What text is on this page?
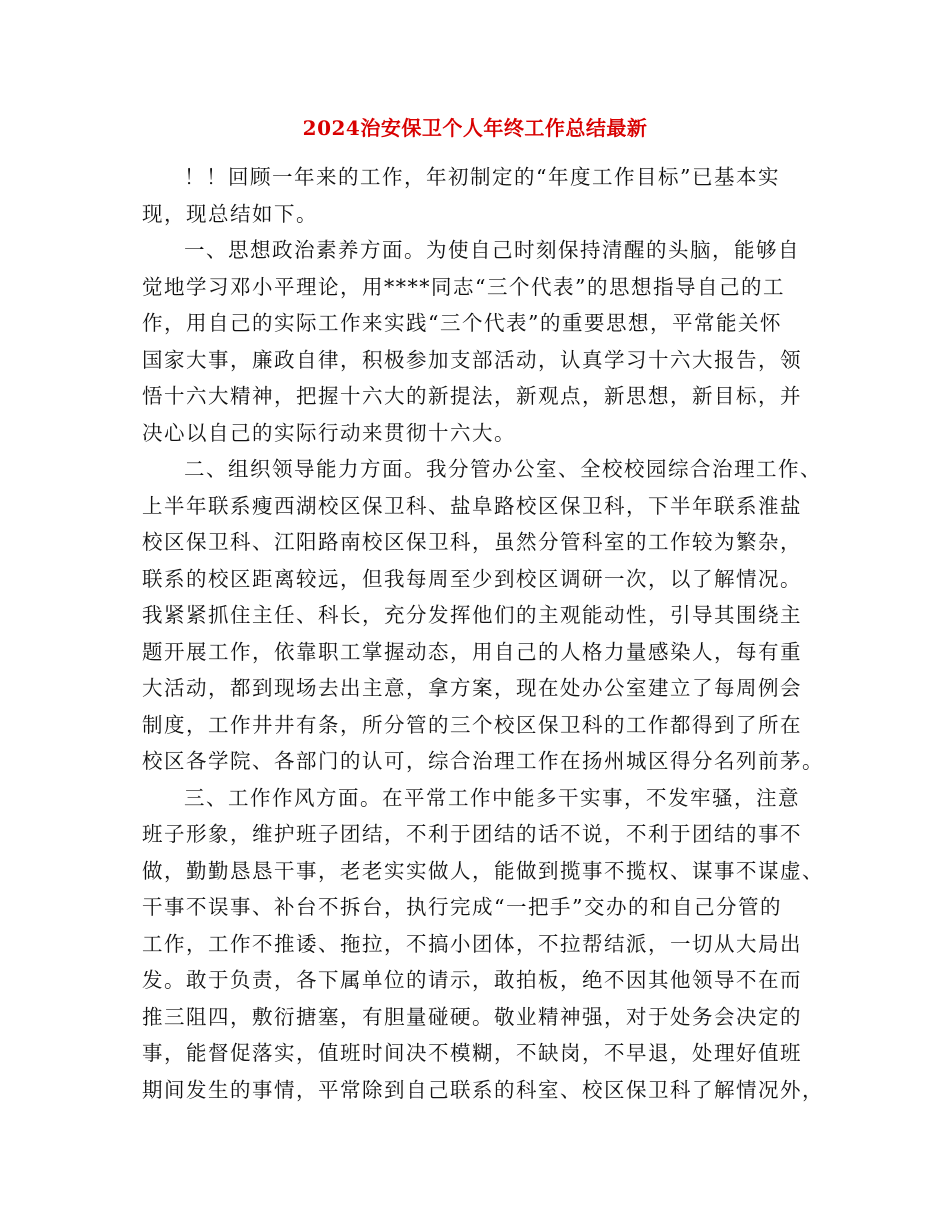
2024治安保卫个人年终工作总结最新
！！回顾一年来的工作，年初制定的“年度工作目标”已基本实
现，现总结如下。
一、思想政治素养方面。为使自己时刻保持清醒的头脑，能够自
觉地学习邓小平理论，用****同志“三个代表”的思想指导自己的工
作，用自己的实际工作来实践“三个代表”的重要思想，平常能关怀
国家大事，廉政自律，积极参加支部活动，认真学习十六大报告，领
悟十六大精神，把握十六大的新提法，新观点，新思想，新目标，并
决心以自己的实际行动来贯彻十六大。
二、组织领导能力方面。我分管办公室、全校校园综合治理工作、
上半年联系瘦西湖校区保卫科、盐阜路校区保卫科，下半年联系淮盐
校区保卫科、江阳路南校区保卫科，虽然分管科室的工作较为繁杂，
联系的校区距离较远，但我每周至少到校区调研一次，以了解情况。
我紧紧抓住主任、科长，充分发挥他们的主观能动性，引导其围绕主
题开展工作，依靠职工掌握动态，用自己的人格力量感染人，每有重
大活动，都到现场去出主意，拿方案，现在处办公室建立了每周例会
制度，工作井井有条，所分管的三个校区保卫科的工作都得到了所在
校区各学院、各部门的认可，综合治理工作在扬州城区得分名列前茅。
三、工作作风方面。在平常工作中能多干实事，不发牢骚，注意
班子形象，维护班子团结，不利于团结的话不说，不利于团结的事不
做，勤勤恳恳干事，老老实实做人，能做到揽事不揽权、谋事不谋虚、
干事不误事、补台不拆台，执行完成“一把手”交办的和自己分管的
工作，工作不推诿、拖拉，不搞小团体，不拉帮结派，一切从大局出
发。敢于负责，各下属单位的请示，敢拍板，绝不因其他领导不在而
推三阻四，敷衍搪塞，有胆量碰硬。敬业精神强，对于处务会决定的
事，能督促落实，值班时间决不模糊，不缺岗，不早退，处理好值班
期间发生的事情，平常除到自己联系的科室、校区保卫科了解情况外，
